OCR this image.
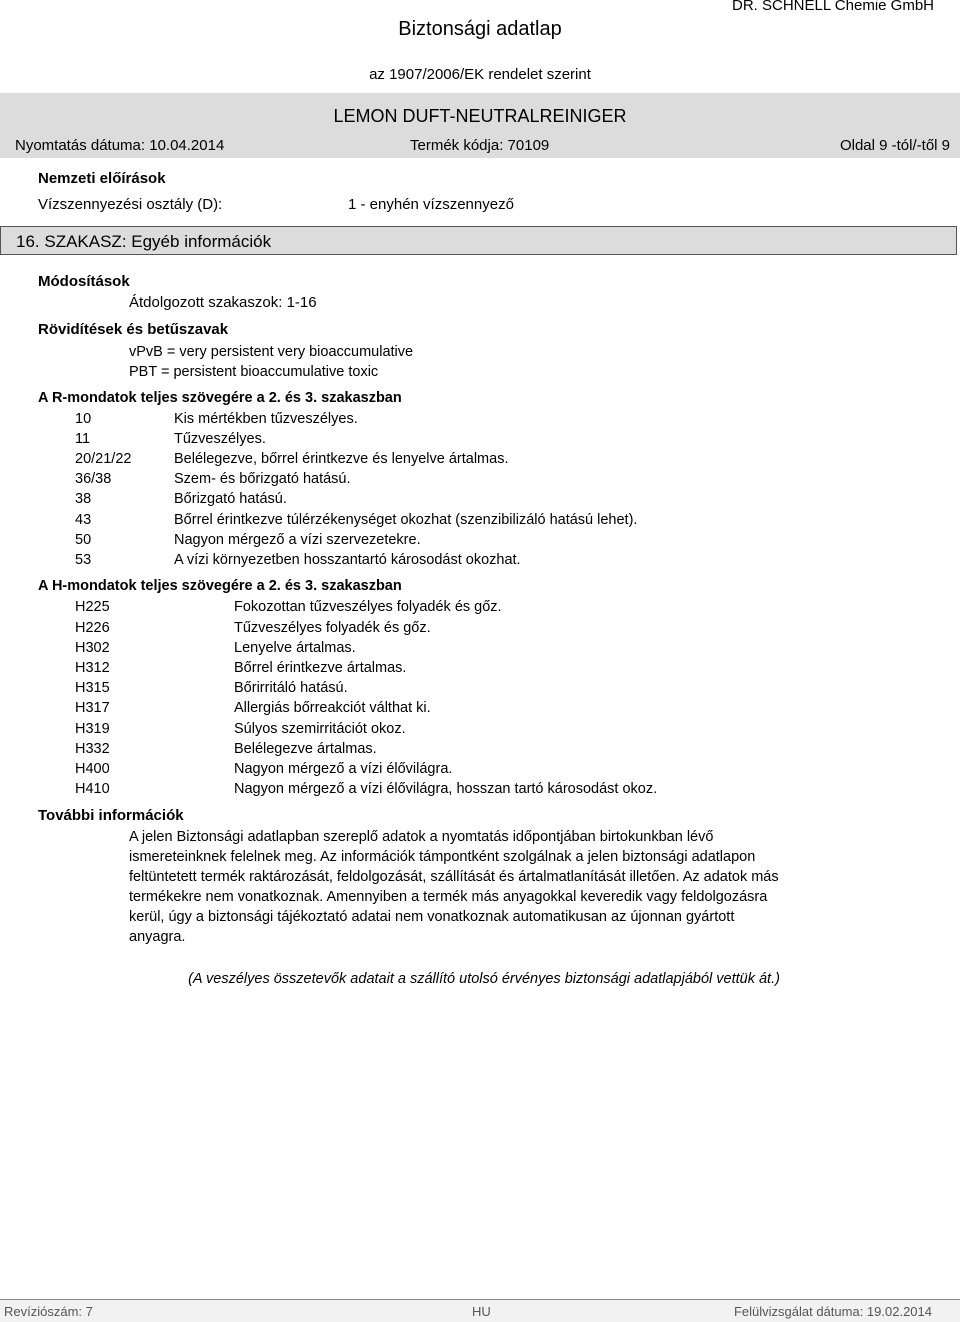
Biztonsági adatlap
DR. SCHNELL Chemie GmbH
az 1907/2006/EK rendelet szerint
LEMON DUFT-NEUTRALREINIGER
Nyomtatás dátuma: 10.04.2014	Termék kódja: 70109	Oldal 9 -tól/-től 9
Nemzeti előírások
Vízszennyezési osztály (D):	1 - enyhén vízszennyező
16. SZAKASZ: Egyéb információk
Módosítások
Átdolgozott szakaszok: 1-16
Rövidítések és betűszavak
vPvB = very persistent very bioaccumulative
PBT = persistent bioaccumulative toxic
A R-mondatok teljes szövegére a 2. és 3. szakaszban
10	Kis mértékben tűzveszélyes.
11	Tűzveszélyes.
20/21/22	Belélegezve, bőrrel érintkezve és lenyelve ártalmas.
36/38	Szem- és bőrizgató hatású.
38	Bőrizgató hatású.
43	Bőrrel érintkezve túlérzékenységet okozhat (szenzibilizáló hatású lehet).
50	Nagyon mérgező a vízi szervezetekre.
53	A vízi környezetben hosszantartó károsodást okozhat.
A H-mondatok teljes szövegére a 2. és 3. szakaszban
H225	Fokozottan tűzveszélyes folyadék és gőz.
H226	Tűzveszélyes folyadék és gőz.
H302	Lenyelve ártalmas.
H312	Bőrrel érintkezve ártalmas.
H315	Bőrirritáló hatású.
H317	Allergiás bőrreakciót válthat ki.
H319	Súlyos szemirritációt okoz.
H332	Belélegezve ártalmas.
H400	Nagyon mérgező a vízi élővilágra.
H410	Nagyon mérgező a vízi élővilágra, hosszan tartó károsodást okoz.
További információk
A jelen Biztonsági adatlapban szereplő adatok a nyomtatás időpontjában birtokunkban lévő
ismereteinknek felelnek meg. Az információk támpontként szolgálnak a jelen biztonsági adatlapon
feltüntetett termék raktározását, feldolgozását, szállítását és ártalmatlanítását illetően. Az adatok más
termékekre nem vonatkoznak. Amennyiben a termék más anyagokkal keveredik vagy feldolgozásra
kerül, úgy a biztonsági tájékoztató adatai nem vonatkoznak automatikusan az újonnan gyártott
anyagra.
(A veszélyes összetevők adatait a szállító utolsó érvényes biztonsági adatlapjából vettük át.)
Revíziószám: 7	HU	Felülvizsgálat dátuma: 19.02.2014
